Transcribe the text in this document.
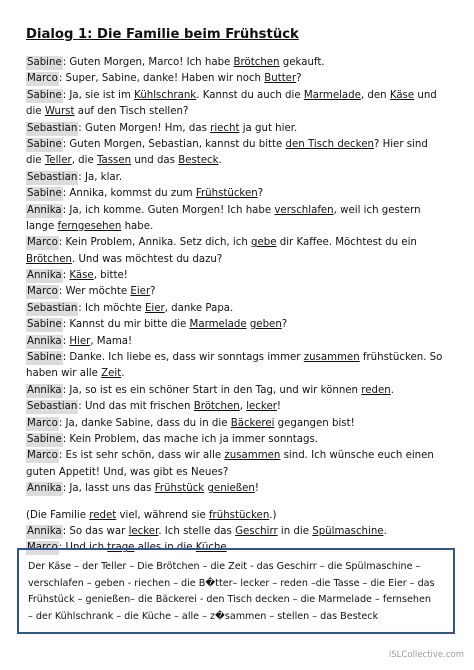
Dialog 1: Die Familie beim Frühstück
Sabine: Guten Morgen, Marco! Ich habe Brötchen gekauft.
Marco: Super, Sabine, danke! Haben wir noch Butter?
Sabine: Ja, sie ist im Kühlschrank. Kannst du auch die Marmelade, den Käse und
die Wurst auf den Tisch stellen?
Sebastian: Guten Morgen! Hm, das riecht ja gut hier.
Sabine: Guten Morgen, Sebastian, kannst du bitte den Tisch decken? Hier sind
die Teller, die Tassen und das Besteck.
Sebastian: Ja, klar.
Sabine: Annika, kommst du zum Frühstücken?
Annika: Ja, ich komme. Guten Morgen! Ich habe verschlafen, weil ich gestern
lange ferngesehen habe.
Marco: Kein Problem, Annika. Setz dich, ich gebe dir Kaffee. Möchtest du ein
Brötchen. Und was möchtest du dazu?
Annika: Käse, bitte!
Marco: Wer möchte Eier?
Sebastian: Ich möchte Eier, danke Papa.
Sabine: Kannst du mir bitte die Marmelade geben?
Annika: Hier, Mama!
Sabine: Danke. Ich liebe es, dass wir sonntags immer zusammen frühstücken. So
haben wir alle Zeit.
Annika: Ja, so ist es ein schöner Start in den Tag, und wir können reden.
Sebastian: Und das mit frischen Brötchen, lecker!
Marco: Ja, danke Sabine, dass du in die Bäckerei gegangen bist!
Sabine: Kein Problem, das mache ich ja immer sonntags.
Marco: Es ist sehr schön, dass wir alle zusammen sind. Ich wünsche euch einen
guten Appetit! Und, was gibt es Neues?
Annika: Ja, lasst uns das Frühstück genießen!
(Die Familie redet viel, während sie frühstücken.)
Annika: So das war lecker. Ich stelle das Geschirr in die Spülmaschine.
Marco: Und ich trage alles in die Küche.
Der Käse – der Teller – Die Brötchen – die Zeit - das Geschirr – die Spülmaschine –
verschlafen – geben - riechen – die B�tter– lecker – reden –die Tasse – die Eier – das
Frühstück – genießen– die Bäckerei - den Tisch decken – die Marmelade – fernsehen
– der Kühlschrank – die Küche – alle – z�sammen – stellen – das Besteck
iSLCollective.com
